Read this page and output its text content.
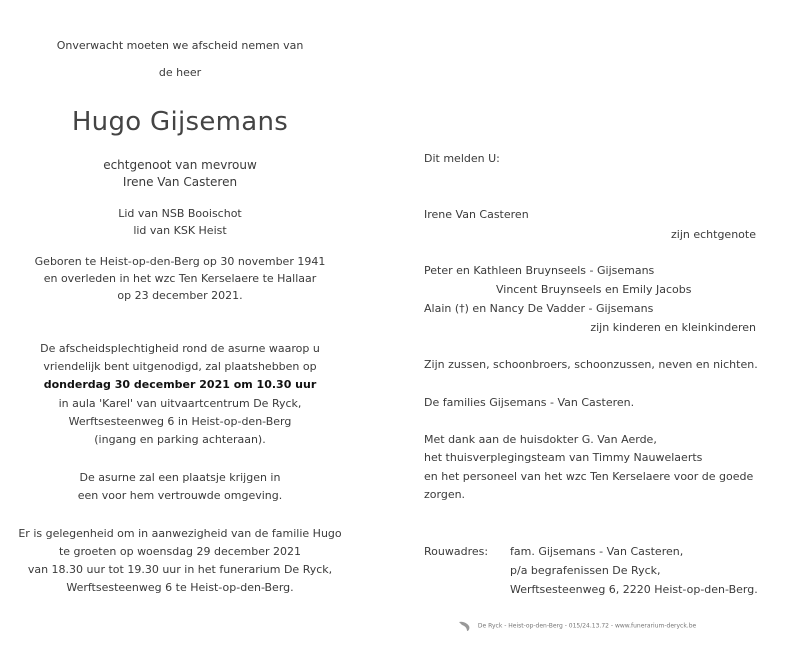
Onverwacht moeten we afscheid nemen van
de heer
Hugo Gijsemans
echtgenoot van mevrouw
Irene Van Casteren
Lid van NSB Booischot
lid van KSK Heist
Geboren te Heist-op-den-Berg op 30 november 1941
en overleden in het wzc Ten Kerselaere te Hallaar
op 23 december 2021.
De afscheidsplechtigheid rond de asurne waarop u
vriendelijk bent uitgenodigd, zal plaatshebben op
donderdag 30 december 2021 om 10.30 uur
in aula 'Karel' van uitvaartcentrum De Ryck,
Werftsesteenweg 6 in Heist-op-den-Berg
(ingang en parking achteraan).
De asurne zal een plaatsje krijgen in
een voor hem vertrouwde omgeving.
Er is gelegenheid om in aanwezigheid van de familie Hugo
te groeten op woensdag 29 december 2021
van 18.30 uur tot 19.30 uur in het funerarium De Ryck,
Werftsesteenweg 6 te Heist-op-den-Berg.
Dit melden U:
Irene Van Casteren
zijn echtgenote
Peter en Kathleen Bruynseels - Gijsemans
Vincent Bruynseels en Emily Jacobs
Alain (†) en Nancy De Vadder - Gijsemans
zijn kinderen en kleinkinderen
Zijn zussen, schoonbroers, schoonzussen, neven en nichten.
De families Gijsemans - Van Casteren.
Met dank aan de huisdokter G. Van Aerde,
het thuisverplegingsteam van Timmy Nauwelaerts
en het personeel van het wzc Ten Kerselaere voor de goede
zorgen.
Rouwadres: fam. Gijsemans - Van Casteren,
p/a begrafenissen De Ryck,
Werftsesteenweg 6, 2220 Heist-op-den-Berg.
De Ryck - Heist-op-den-Berg - 015/24.13.72 - www.funerarium-deryck.be
